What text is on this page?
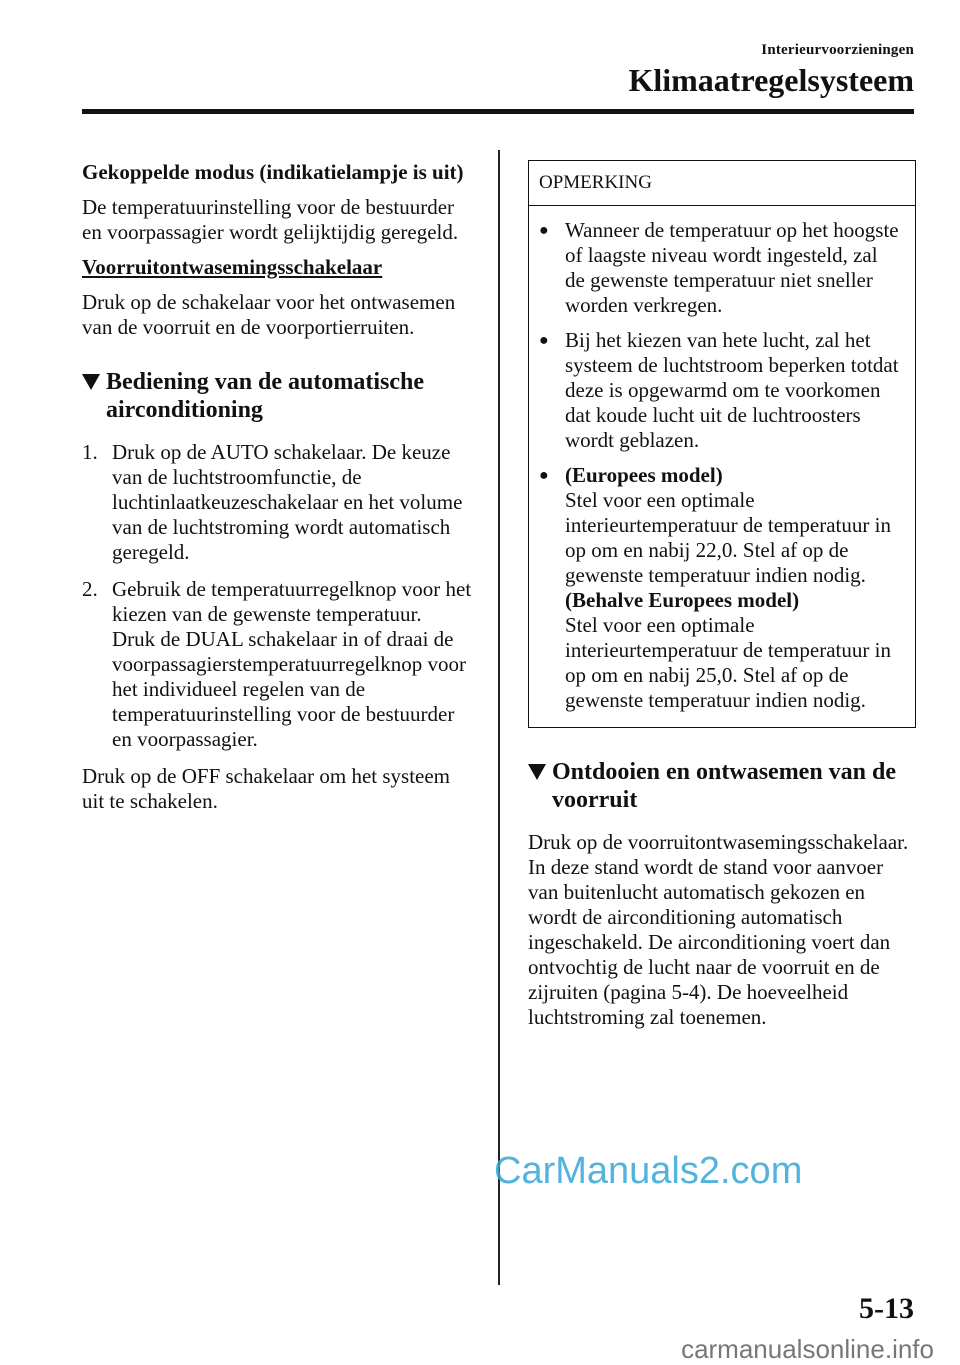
Interieurvoorzieningen
Klimaatregelsysteem

Gekoppelde modus (indikatielampje is uit)

De temperatuurinstelling voor de bestuurder en voorpassagier wordt gelijktijdig geregeld.

Voorruitontwasemingsschakelaar

Druk op de schakelaar voor het ontwasemen van de voorruit en de voorportierruiten.

Bediening van de automatische airconditioning
1. Druk op de AUTO schakelaar. De keuze van de luchtstroomfunctie, de luchtinlaatkeuzeschakelaar en het volume van de luchtstroming wordt automatisch geregeld.
2. Gebruik de temperatuurregelknop voor het kiezen van de gewenste temperatuur.
Druk de DUAL schakelaar in of draai de voorpassagierstemperatuurregelknop voor het individueel regelen van de temperatuurinstelling voor de bestuurder en voorpassagier.

Druk op de OFF schakelaar om het systeem uit te schakelen.

OPMERKING
● Wanneer de temperatuur op het hoogste of laagste niveau wordt ingesteld, zal de gewenste temperatuur niet sneller worden verkregen.
● Bij het kiezen van hete lucht, zal het systeem de luchtstroom beperken totdat deze is opgewarmd om te voorkomen dat koude lucht uit de luchtroosters wordt geblazen.
● (Europees model)
Stel voor een optimale interieurtemperatuur de temperatuur in op om en nabij 22,0. Stel af op de gewenste temperatuur indien nodig.
(Behalve Europees model)
Stel voor een optimale interieurtemperatuur de temperatuur in op om en nabij 25,0. Stel af op de gewenste temperatuur indien nodig.
Ontdooien en ontwasemen van de voorruit

Druk op de voorruitontwasemingsschakelaar.
In deze stand wordt de stand voor aanvoer van buitenlucht automatisch gekozen en wordt de airconditioning automatisch ingeschakeld. De airconditioning voert dan ontvochtig de lucht naar de voorruit en de zijruiten (pagina 5-4). De hoeveelheid luchtstroming zal toenemen.

CarManuals2.com
5-13
carmanualsonline.info
